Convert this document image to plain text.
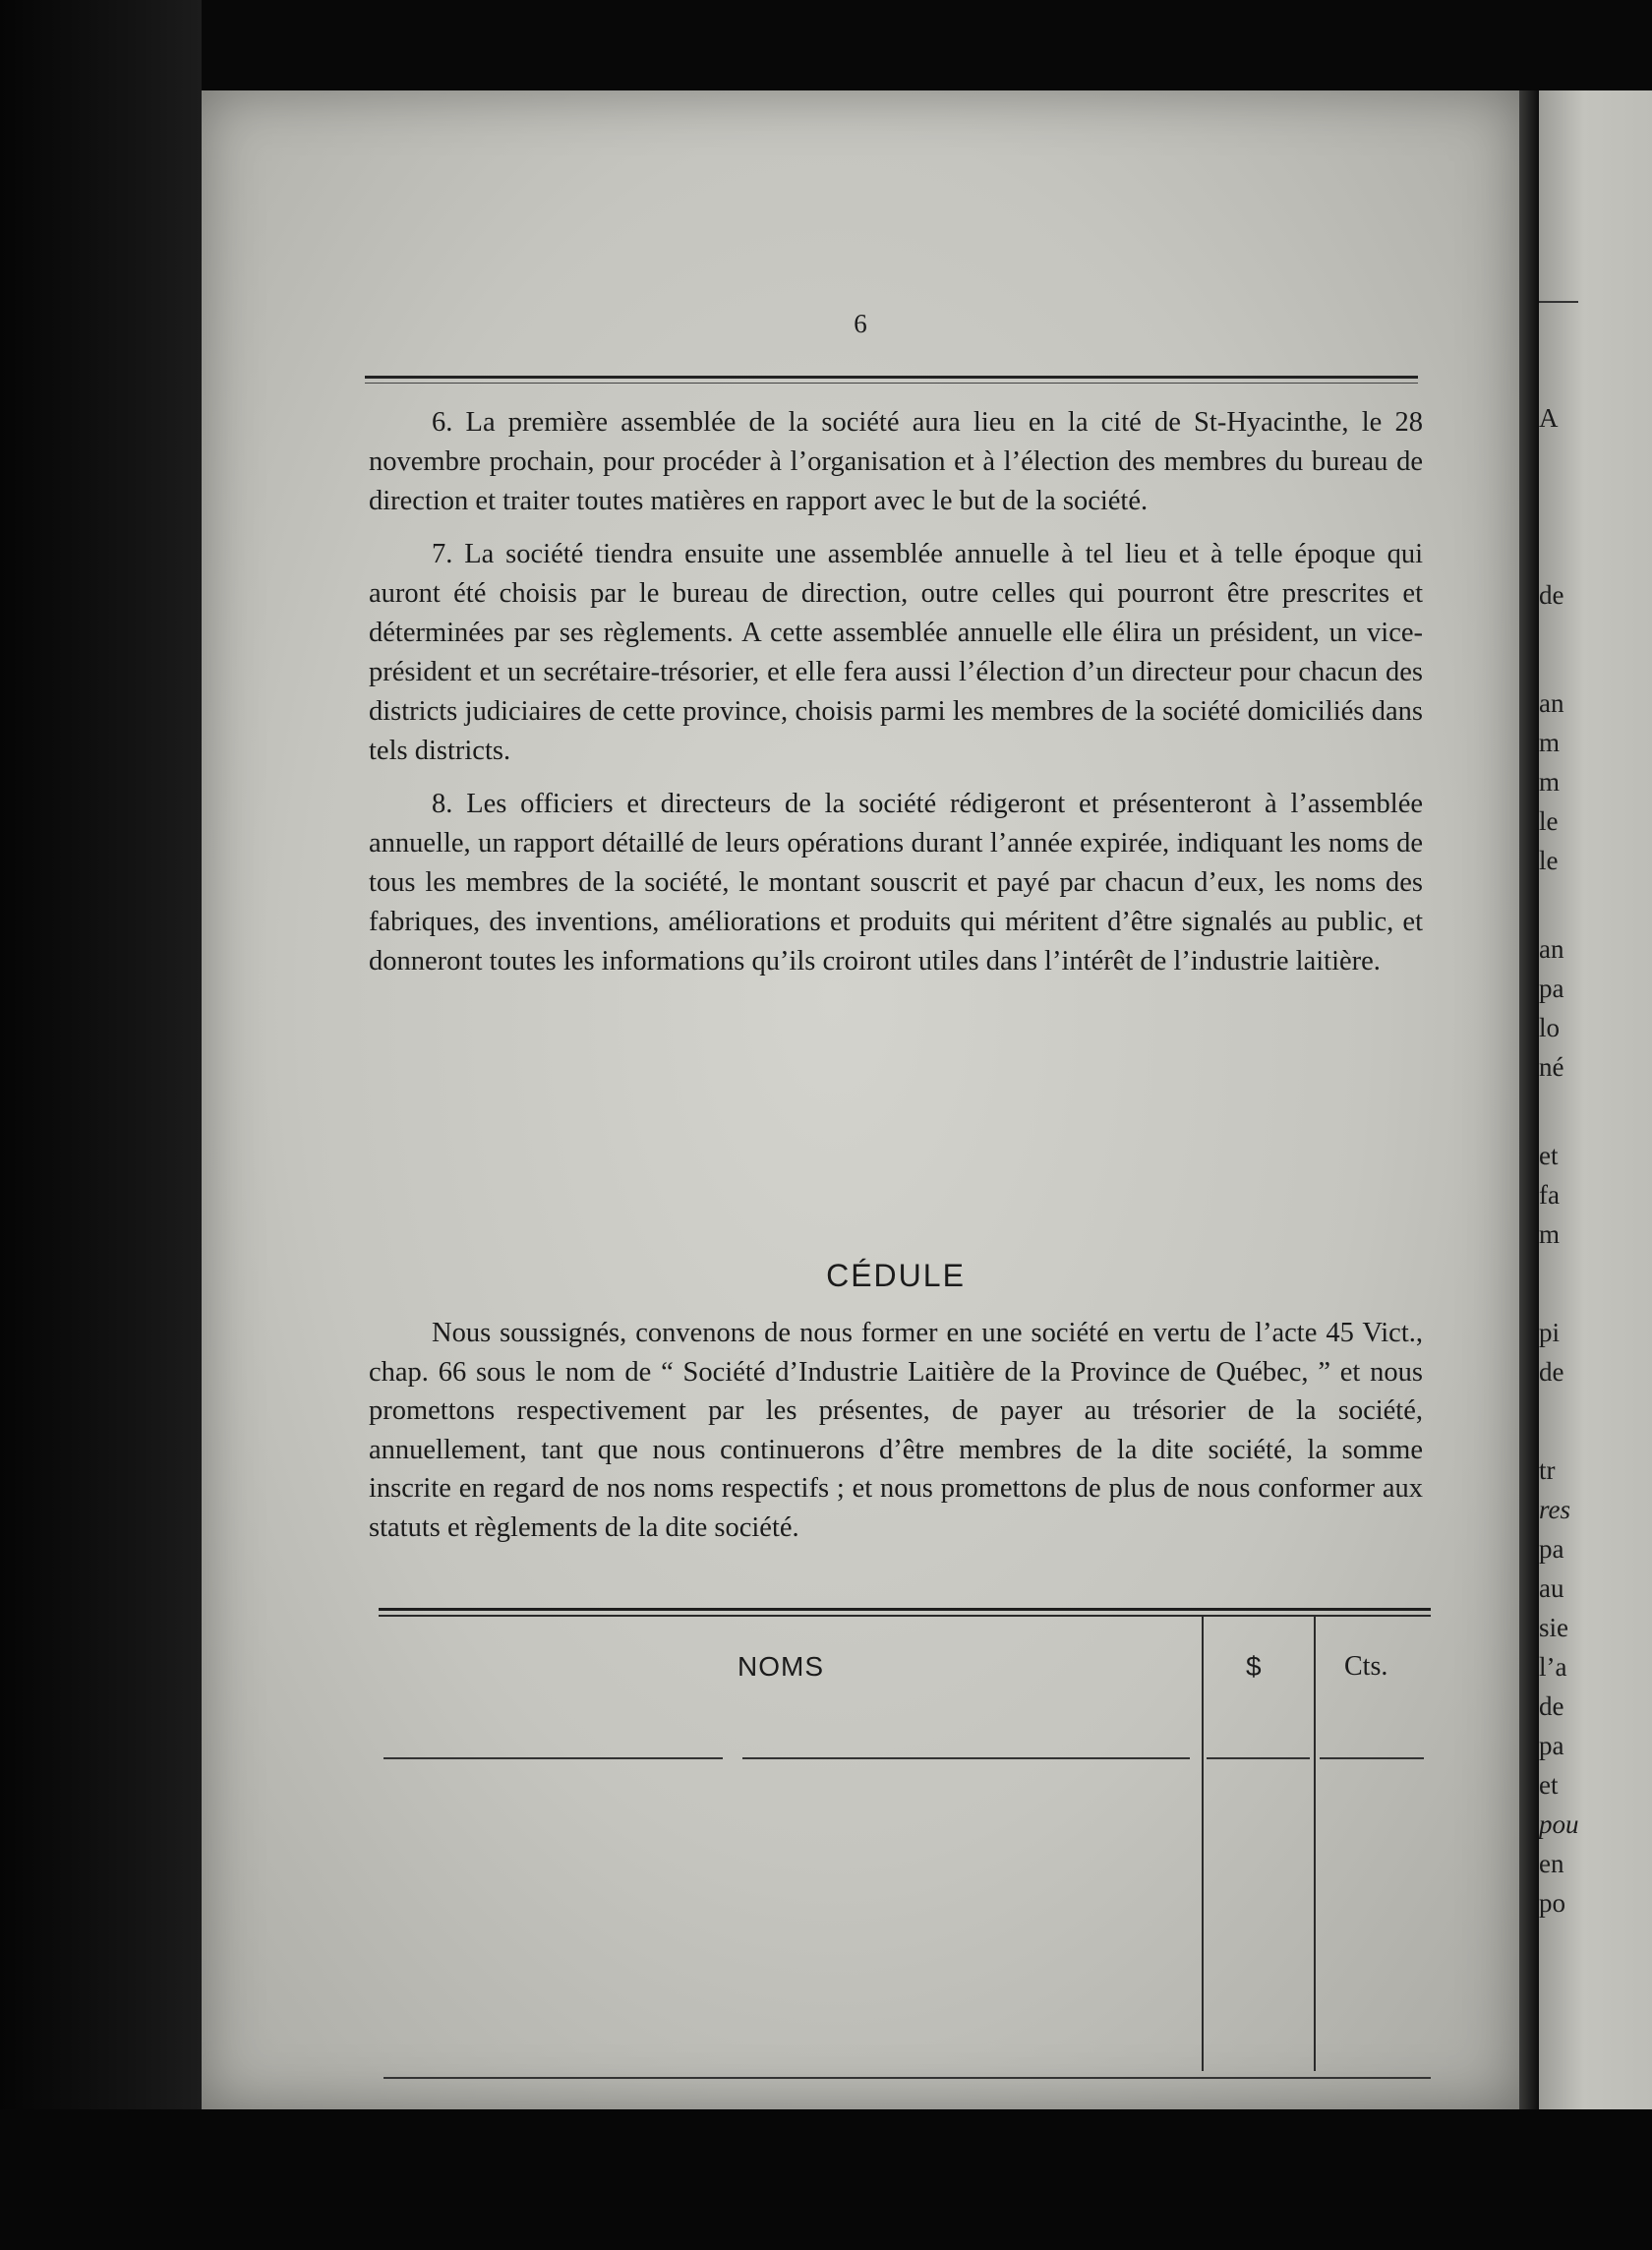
6

6. La première assemblée de la société aura lieu en la cité de St-Hyacinthe, le 28 novembre prochain, pour procéder à l’organisation et à l’élection des membres du bureau de direction et traiter toutes matières en rapport avec le but de la société.

7. La société tiendra ensuite une assemblée annuelle à tel lieu et à telle époque qui auront été choisis par le bureau de direction, outre celles qui pourront être prescrites et déterminées par ses règlements. A cette assemblée annuelle elle élira un président, un vice-président et un secrétaire-trésorier, et elle fera aussi l’élection d’un directeur pour chacun des districts judiciaires de cette province, choisis parmi les membres de la société domiciliés dans tels districts.

8. Les officiers et directeurs de la société rédigeront et présenteront à l’assemblée annuelle, un rapport détaillé de leurs opérations durant l’année expirée, indiquant les noms de tous les membres de la société, le montant souscrit et payé par chacun d’eux, les noms des fabriques, des inventions, améliorations et produits qui méritent d’être signalés au public, et donneront toutes les informations qu’ils croiront utiles dans l’intérêt de l’industrie laitière.

CÉDULE

Nous soussignés, convenons de nous former en une société en vertu de l’acte 45 Vict., chap. 66 sous le nom de “ Société d’Industrie Laitière de la Province de Québec, ” et nous promettons respectivement par les présentes, de payer au trésorier de la société, annuellement, tant que nous continuerons d’être membres de la dite société, la somme inscrite en regard de nos noms respectifs ; et nous promettons de plus de nous conformer aux statuts et règlements de la dite société.

NOMS	$	Cts.
A
de
an
m
m
le
le
an
pa
lo
né
et
fa
m
pi
de
tr
res
pa
au
sie
l’a
de
pa
et
pou
en
po
